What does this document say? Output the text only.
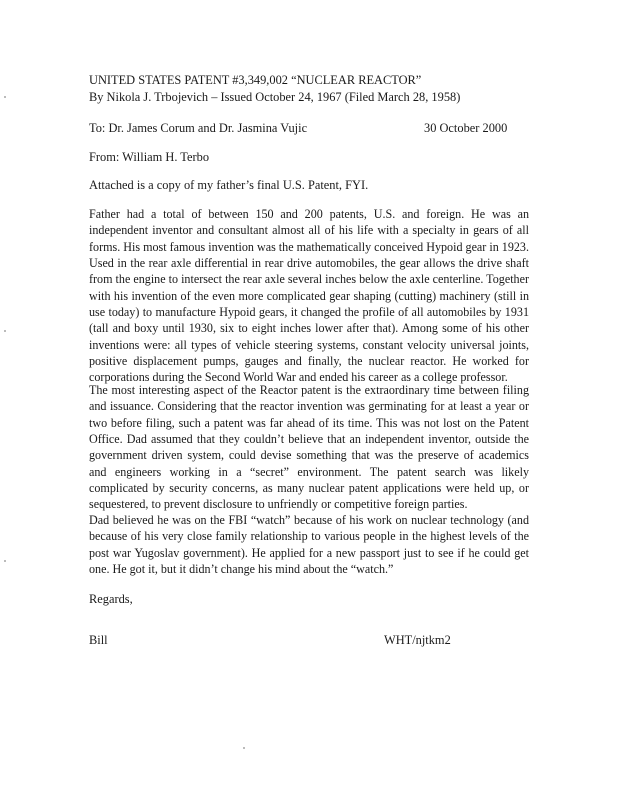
UNITED STATES PATENT #3,349,002 “NUCLEAR REACTOR”
By Nikola J. Trbojevich – Issued October 24, 1967 (Filed March 28, 1958)
To: Dr. James Corum and Dr. Jasmina Vujic	30 October 2000
From: William H. Terbo
Attached is a copy of my father’s final U.S. Patent, FYI.

Father had a total of between 150 and 200 patents, U.S. and foreign. He was an independent inventor and consultant almost all of his life with a specialty in gears of all forms. His most famous invention was the mathematically conceived Hypoid gear in 1923. Used in the rear axle differential in rear drive automobiles, the gear allows the drive shaft from the engine to intersect the rear axle several inches below the axle centerline. Together with his invention of the even more complicated gear shaping (cutting) machinery (still in use today) to manufacture Hypoid gears, it changed the profile of all automobiles by 1931 (tall and boxy until 1930, six to eight inches lower after that). Among some of his other inventions were: all types of vehicle steering systems, constant velocity universal joints, positive displacement pumps, gauges and finally, the nuclear reactor. He worked for corporations during the Second World War and ended his career as a college professor.

The most interesting aspect of the Reactor patent is the extraordinary time between filing and issuance. Considering that the reactor invention was germinating for at least a year or two before filing, such a patent was far ahead of its time. This was not lost on the Patent Office. Dad assumed that they couldn’t believe that an independent inventor, outside the government driven system, could devise something that was the preserve of academics and engineers working in a “secret” environment. The patent search was likely complicated by security concerns, as many nuclear patent applications were held up, or sequestered, to prevent disclosure to unfriendly or competitive foreign parties.

Dad believed he was on the FBI “watch” because of his work on nuclear technology (and because of his very close family relationship to various people in the highest levels of the post war Yugoslav government). He applied for a new passport just to see if he could get one. He got it, but it didn’t change his mind about the “watch.”

Regards,
Bill	WHT/njtkm2
